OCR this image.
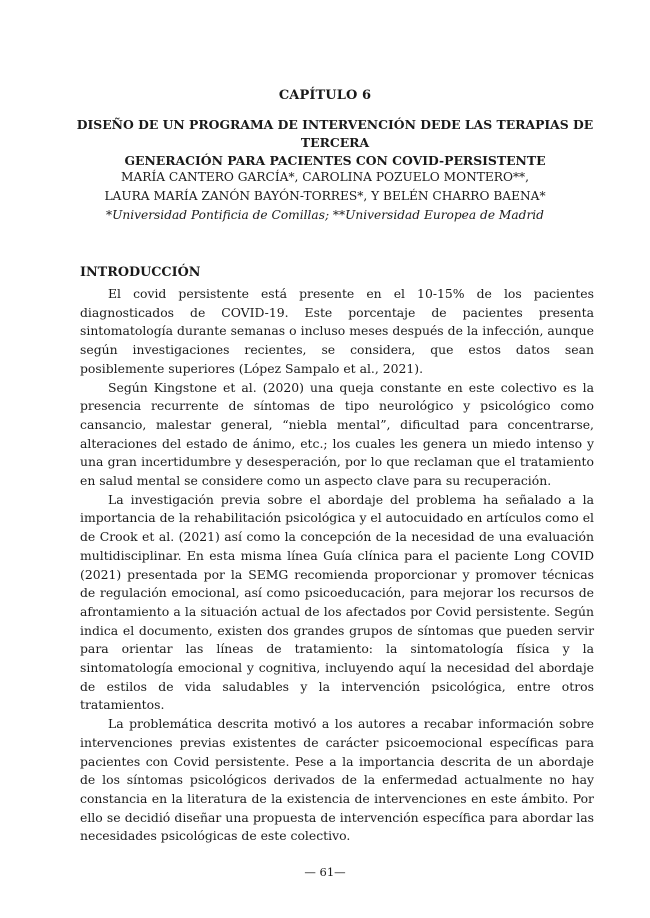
CAPÍTULO 6
DISEÑO DE UN PROGRAMA DE INTERVENCIÓN DEDE LAS TERAPIAS DE TERCERA
GENERACIÓN PARA PACIENTES CON COVID-PERSISTENTE
MARÍA CANTERO GARCÍA*, CAROLINA POZUELO MONTERO**,
LAURA MARÍA ZANÓN BAYÓN-TORRES*, Y BELÉN CHARRO BAENA*
*Universidad Pontificia de Comillas; **Universidad Europea de Madrid
INTRODUCCIÓN

El covid persistente está presente en el 10-15% de los pacientes diagnosticados de COVID-19. Este porcentaje de pacientes presenta sintomatología durante semanas o incluso meses después de la infección, aunque según investigaciones recientes, se considera, que estos datos sean posiblemente superiores (López Sampalo et al., 2021).

Según Kingstone et al. (2020) una queja constante en este colectivo es la presencia recurrente de síntomas de tipo neurológico y psicológico como cansancio, malestar general, “niebla mental”, dificultad para concentrarse, alteraciones del estado de ánimo, etc.; los cuales les genera un miedo intenso y una gran incertidumbre y desesperación, por lo que reclaman que el tratamiento en salud mental se considere como un aspecto clave para su recuperación.

La investigación previa sobre el abordaje del problema ha señalado a la importancia de la rehabilitación psicológica y el autocuidado en artículos como el de Crook et al. (2021) así como la concepción de la necesidad de una evaluación multidisciplinar. En esta misma línea Guía clínica para el paciente Long COVID (2021) presentada por la SEMG recomienda proporcionar y promover técnicas de regulación emocional, así como psicoeducación, para mejorar los recursos de afrontamiento a la situación actual de los afectados por Covid persistente. Según indica el documento, existen dos grandes grupos de síntomas que pueden servir para orientar las líneas de tratamiento: la sintomatología física y la sintomatología emocional y cognitiva, incluyendo aquí la necesidad del abordaje de estilos de vida saludables y la intervención psicológica, entre otros tratamientos.

La problemática descrita motivó a los autores a recabar información sobre intervenciones previas existentes de carácter psicoemocional específicas para pacientes con Covid persistente. Pese a la importancia descrita de un abordaje de los síntomas psicológicos derivados de la enfermedad actualmente no hay constancia en la literatura de la existencia de intervenciones en este ámbito. Por ello se decidió diseñar una propuesta de intervención específica para abordar las necesidades psicológicas de este colectivo.

— 61—
